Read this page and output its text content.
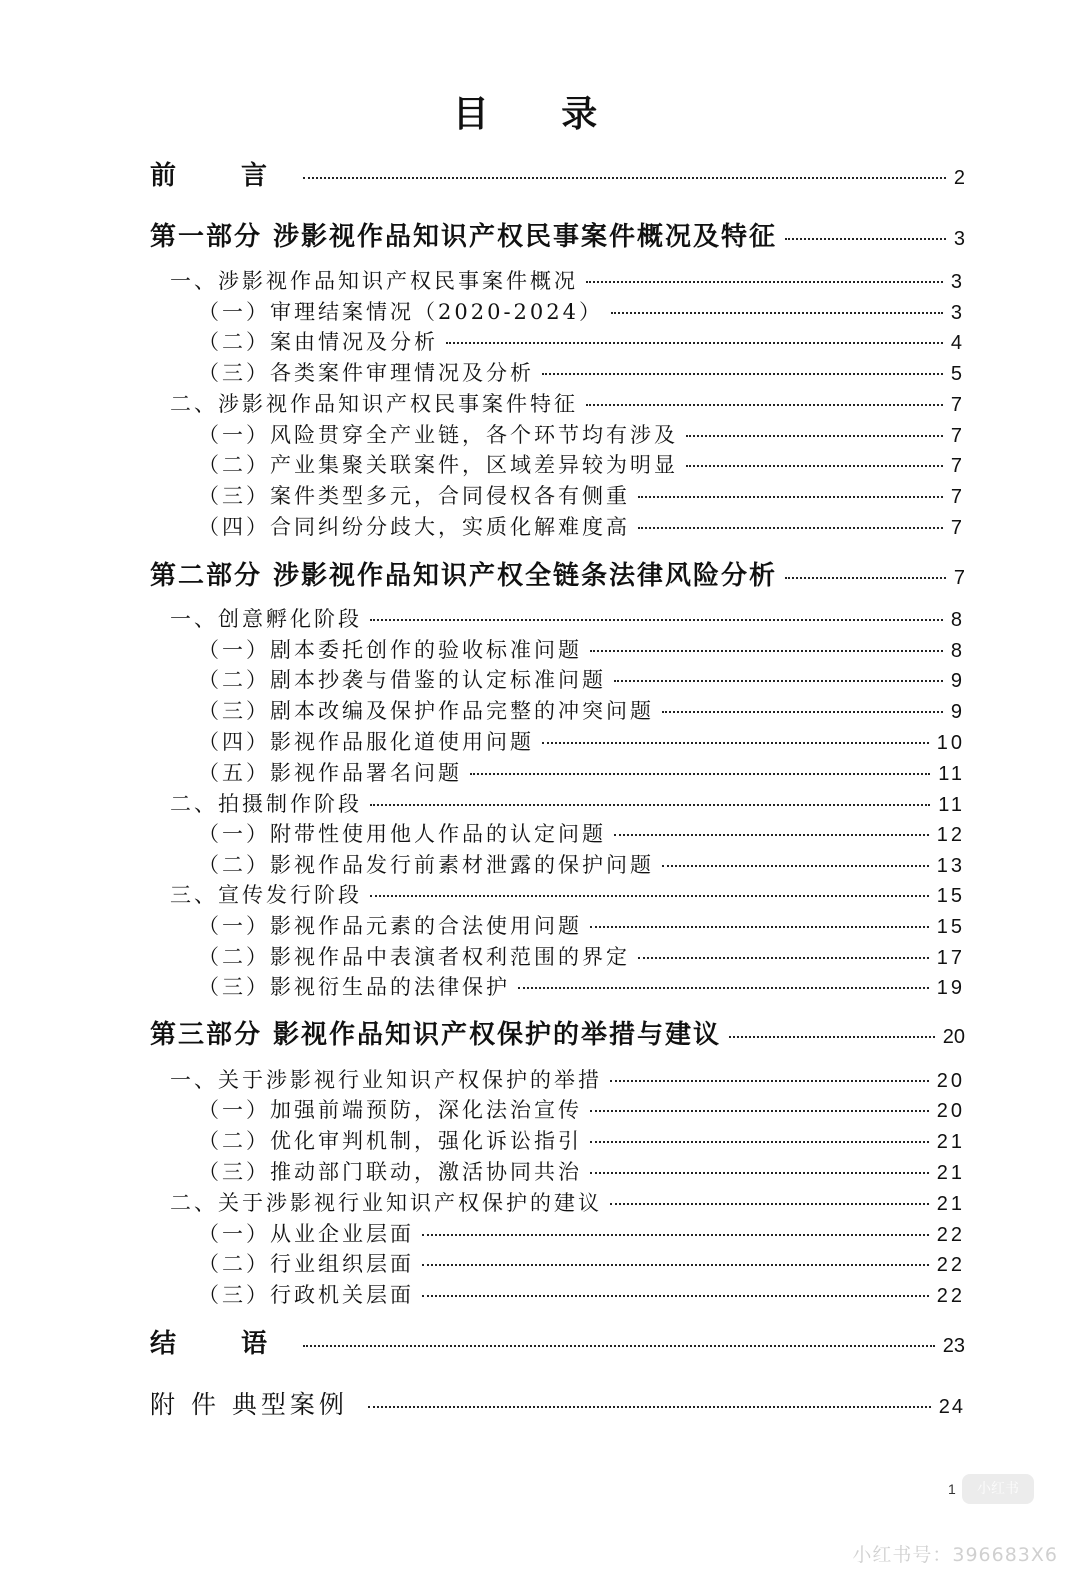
目 录
前 言	2
第一部分 涉影视作品知识产权民事案件概况及特征	3
一、涉影视作品知识产权民事案件概况	3
（一）审理结案情况（2020-2024）	3
（二）案由情况及分析	4
（三）各类案件审理情况及分析	5
二、涉影视作品知识产权民事案件特征	7
（一）风险贯穿全产业链，各个环节均有涉及	7
（二）产业集聚关联案件，区域差异较为明显	7
（三）案件类型多元，合同侵权各有侧重	7
（四）合同纠纷分歧大，实质化解难度高	7
第二部分 涉影视作品知识产权全链条法律风险分析	7
一、创意孵化阶段	8
（一）剧本委托创作的验收标准问题	8
（二）剧本抄袭与借鉴的认定标准问题	9
（三）剧本改编及保护作品完整的冲突问题	9
（四）影视作品服化道使用问题	10
（五）影视作品署名问题	11
二、拍摄制作阶段	11
（一）附带性使用他人作品的认定问题	12
（二）影视作品发行前素材泄露的保护问题	13
三、宣传发行阶段	15
（一）影视作品元素的合法使用问题	15
（二）影视作品中表演者权利范围的界定	17
（三）影视衍生品的法律保护	19
第三部分 影视作品知识产权保护的举措与建议	20
一、关于涉影视行业知识产权保护的举措	20
（一）加强前端预防，深化法治宣传	20
（二）优化审判机制，强化诉讼指引	21
（三）推动部门联动，激活协同共治	21
二、关于涉影视行业知识产权保护的建议	21
（一）从业企业层面	22
（二）行业组织层面	22
（三）行政机关层面	22
结 语	23
附 件 典型案例	24
1	小红书
小红书号：396683X6
